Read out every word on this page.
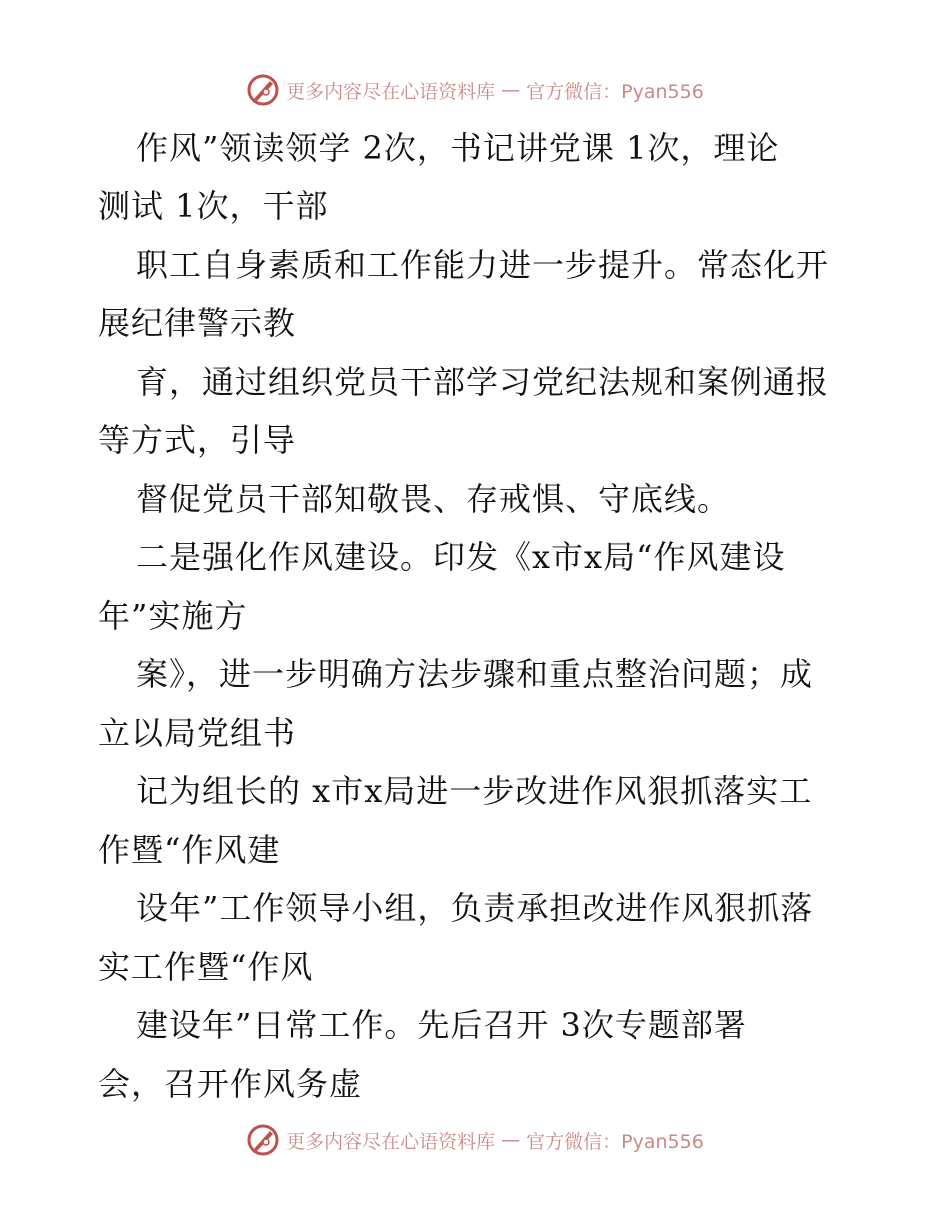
更多内容尽在心语资料库 — 官方微信：Pyan556
作风”领读领学 2次，书记讲党课 1次，理论
测试 1次，干部
职工自身素质和工作能力进一步提升。常态化开
展纪律警示教
育，通过组织党员干部学习党纪法规和案例通报
等方式，引导
督促党员干部知敬畏、存戒惧、守底线。
二是强化作风建设。印发《x市x局“作风建设
年”实施方
案》，进一步明确方法步骤和重点整治问题；成
立以局党组书
记为组长的 x市x局进一步改进作风狠抓落实工
作暨“作风建
设年”工作领导小组，负责承担改进作风狠抓落
实工作暨“作风
建设年”日常工作。先后召开 3次专题部署
会，召开作风务虚
更多内容尽在心语资料库 — 官方微信：Pyan556
